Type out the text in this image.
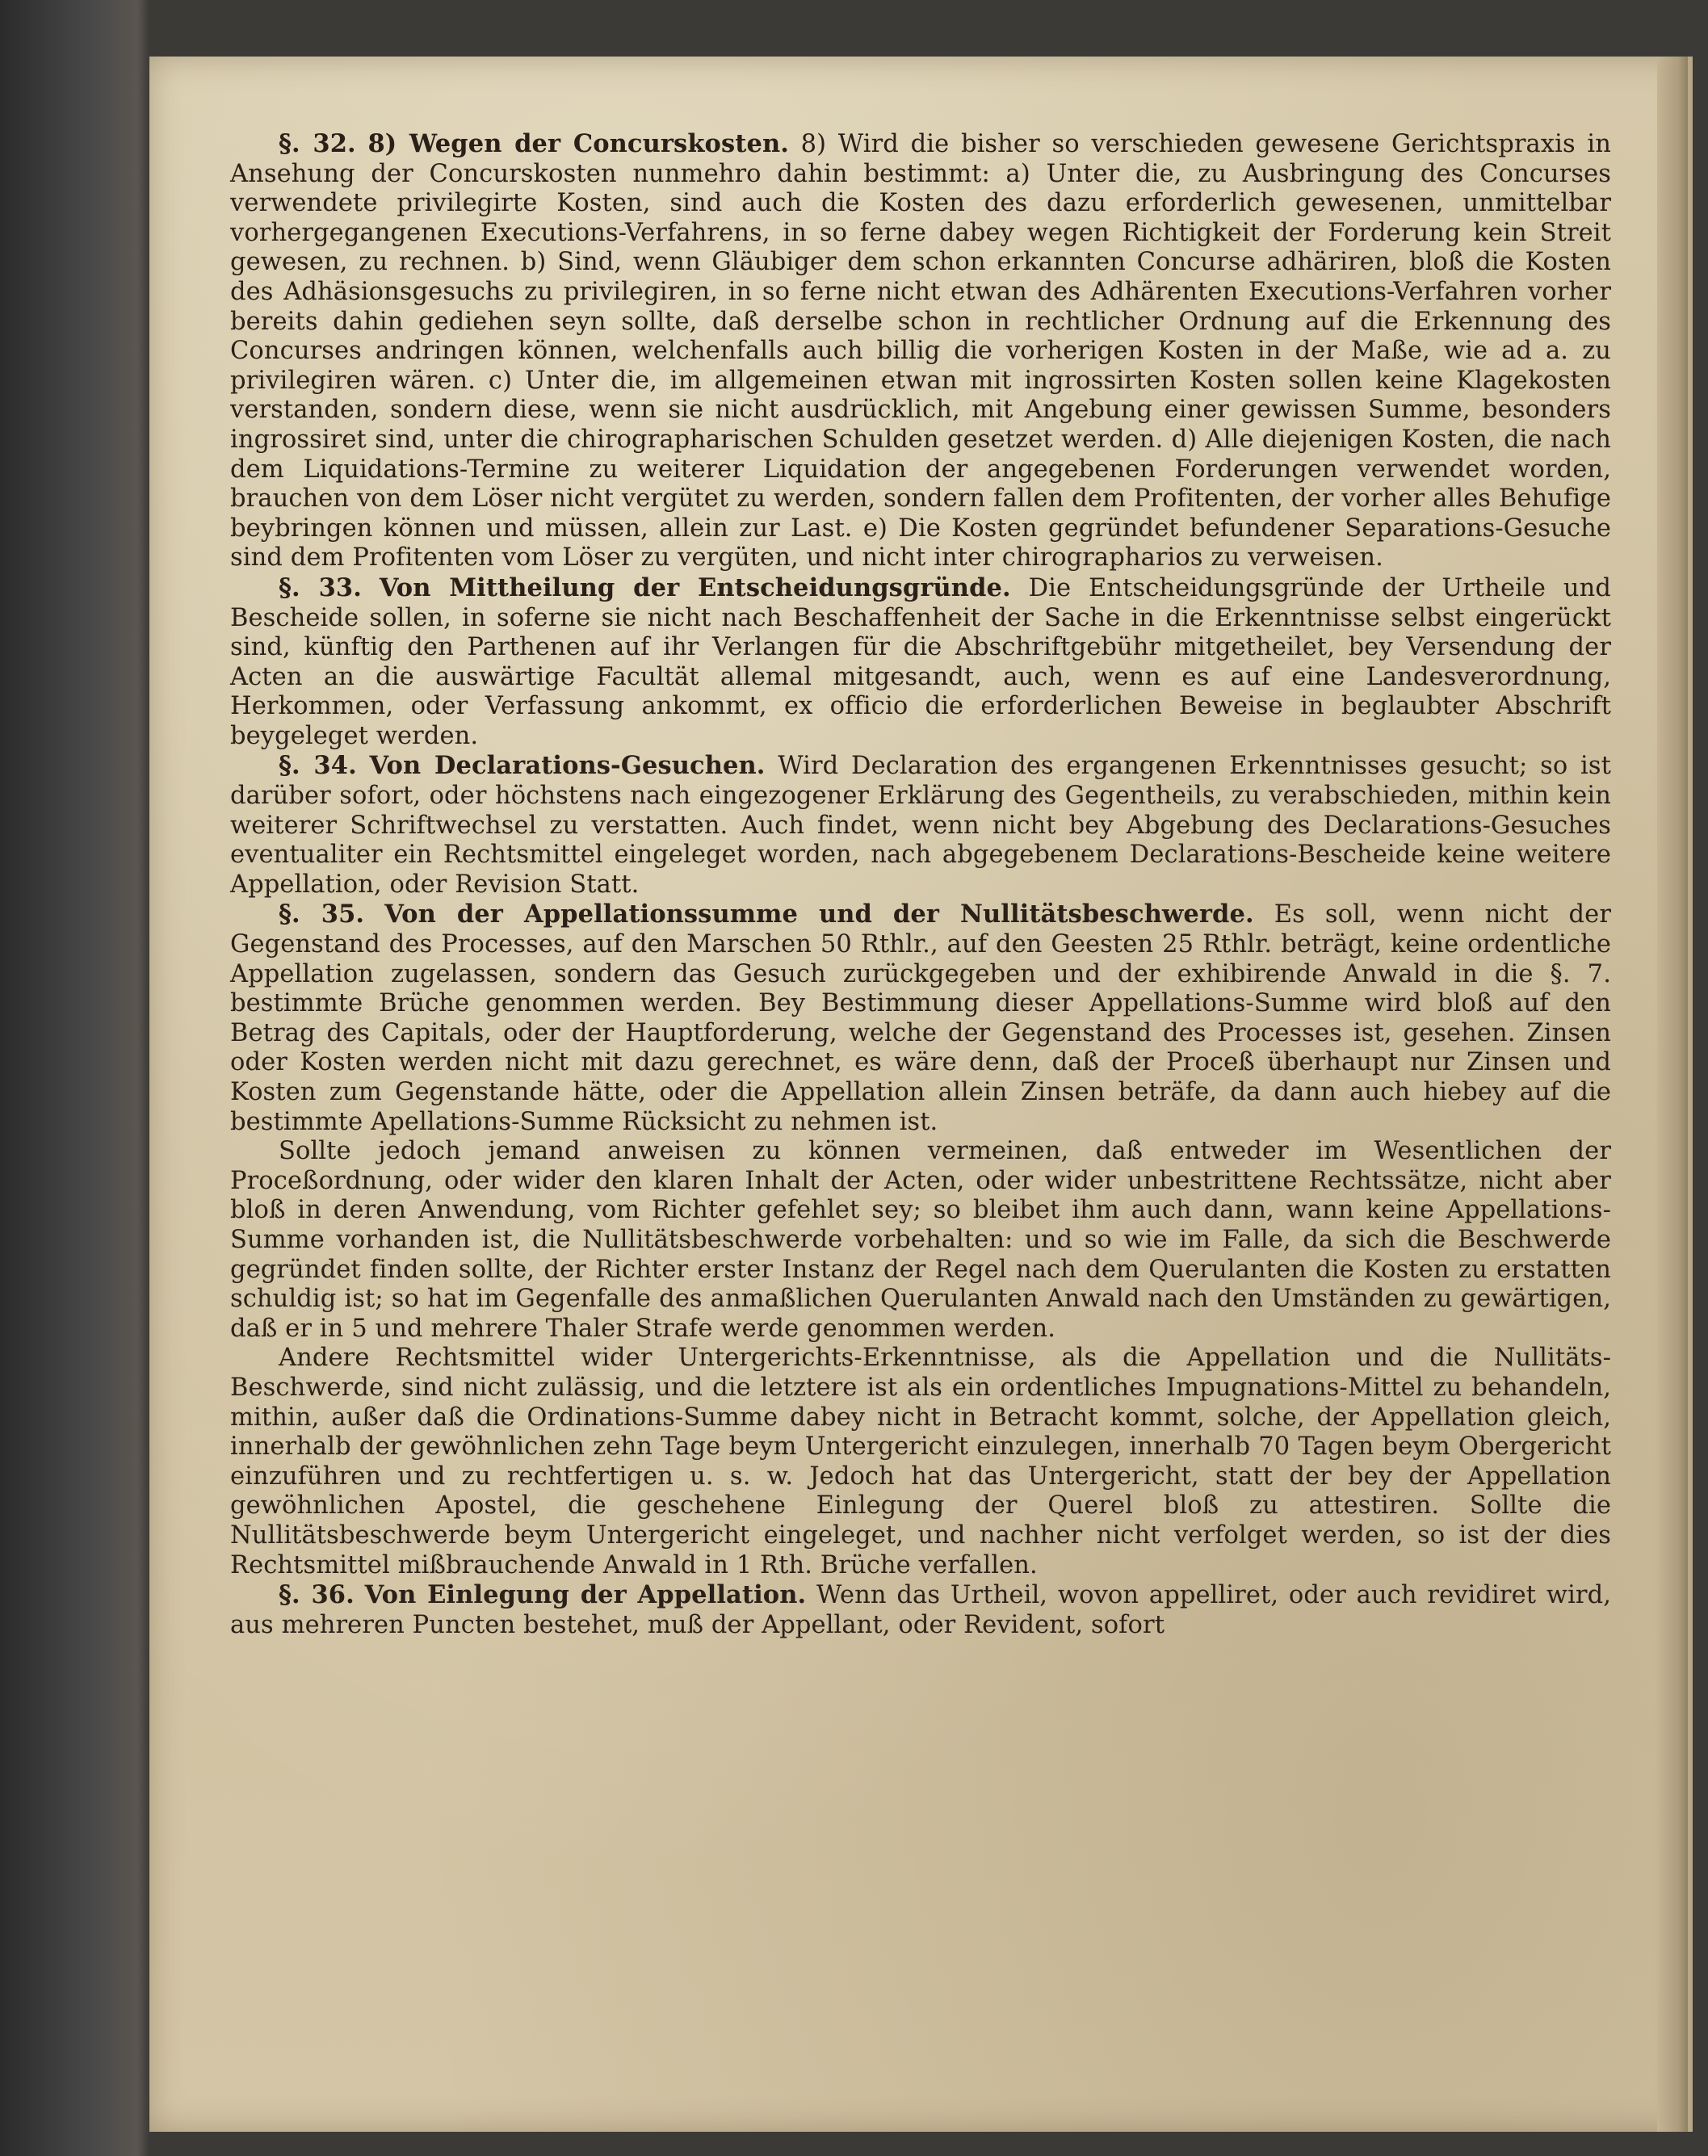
§. 32. 8) Wegen der Concurskosten. 8) Wird die bisher so verschieden gewesene Gerichtspraxis in Ansehung der Concurskosten nunmehro dahin bestimmt: a) Unter die, zu Ausbringung des Concurses verwendete privilegirte Kosten, sind auch die Kosten des dazu erforderlich gewesenen, unmittelbar vorhergegangenen Executions-Verfahrens, in so ferne dabey wegen Richtigkeit der Forderung kein Streit gewesen, zu rechnen. b) Sind, wenn Gläubiger dem schon erkannten Concurse adhäriren, bloß die Kosten des Adhäsionsgesuchs zu privilegiren, in so ferne nicht etwan des Adhärenten Executions-Verfahren vorher bereits dahin gediehen seyn sollte, daß derselbe schon in rechtlicher Ordnung auf die Erkennung des Concurses andringen können, welchenfalls auch billig die vorherigen Kosten in der Maße, wie ad a. zu privilegiren wären. c) Unter die, im allgemeinen etwan mit ingrossirten Kosten sollen keine Klagekosten verstanden, sondern diese, wenn sie nicht ausdrücklich, mit Angebung einer gewissen Summe, besonders ingrossiret sind, unter die chirographarischen Schulden gesetzet werden. d) Alle diejenigen Kosten, die nach dem Liquidations-Termine zu weiterer Liquidation der angegebenen Forderungen verwendet worden, brauchen von dem Löser nicht vergütet zu werden, sondern fallen dem Profitenten, der vorher alles Behufige beybringen können und müssen, allein zur Last. e) Die Kosten gegründet befundener Separations-Gesuche sind dem Profitenten vom Löser zu vergüten, und nicht inter chirographarios zu verweisen.

§. 33. Von Mittheilung der Entscheidungsgründe. Die Entscheidungsgründe der Urtheile und Bescheide sollen, in soferne sie nicht nach Beschaffenheit der Sache in die Erkenntnisse selbst eingerückt sind, künftig den Parthenen auf ihr Verlangen für die Abschriftgebühr mitgetheilet, bey Versendung der Acten an die auswärtige Facultät allemal mitgesandt, auch, wenn es auf eine Landesverordnung, Herkommen, oder Verfassung ankommt, ex officio die erforderlichen Beweise in beglaubter Abschrift beygeleget werden.

§. 34. Von Declarations-Gesuchen. Wird Declaration des ergangenen Erkenntnisses gesucht; so ist darüber sofort, oder höchstens nach eingezogener Erklärung des Gegentheils, zu verabschieden, mithin kein weiterer Schriftwechsel zu verstatten. Auch findet, wenn nicht bey Abgebung des Declarations-Gesuches eventualiter ein Rechtsmittel eingeleget worden, nach abgegebenem Declarations-Bescheide keine weitere Appellation, oder Revision Statt.

§. 35. Von der Appellationssumme und der Nullitätsbeschwerde. Es soll, wenn nicht der Gegenstand des Processes, auf den Marschen 50 Rthlr., auf den Geesten 25 Rthlr. beträgt, keine ordentliche Appellation zugelassen, sondern das Gesuch zurückgegeben und der exhibirende Anwald in die §. 7. bestimmte Brüche genommen werden. Bey Bestimmung dieser Appellations-Summe wird bloß auf den Betrag des Capitals, oder der Hauptforderung, welche der Gegenstand des Processes ist, gesehen. Zinsen oder Kosten werden nicht mit dazu gerechnet, es wäre denn, daß der Proceß überhaupt nur Zinsen und Kosten zum Gegenstande hätte, oder die Appellation allein Zinsen beträfe, da dann auch hiebey auf die bestimmte Apellations-Summe Rücksicht zu nehmen ist.

Sollte jedoch jemand anweisen zu können vermeinen, daß entweder im Wesentlichen der Proceßordnung, oder wider den klaren Inhalt der Acten, oder wider unbestrittene Rechtssätze, nicht aber bloß in deren Anwendung, vom Richter gefehlet sey; so bleibet ihm auch dann, wann keine Appellations-Summe vorhanden ist, die Nullitätsbeschwerde vorbehalten: und so wie im Falle, da sich die Beschwerde gegründet finden sollte, der Richter erster Instanz der Regel nach dem Querulanten die Kosten zu erstatten schuldig ist; so hat im Gegenfalle des anmaßlichen Querulanten Anwald nach den Umständen zu gewärtigen, daß er in 5 und mehrere Thaler Strafe werde genommen werden.

Andere Rechtsmittel wider Untergerichts-Erkenntnisse, als die Appellation und die Nullitäts-Beschwerde, sind nicht zulässig, und die letztere ist als ein ordentliches Impugnations-Mittel zu behandeln, mithin, außer daß die Ordinations-Summe dabey nicht in Betracht kommt, solche, der Appellation gleich, innerhalb der gewöhnlichen zehn Tage beym Untergericht einzulegen, innerhalb 70 Tagen beym Obergericht einzuführen und zu rechtfertigen u. s. w. Jedoch hat das Untergericht, statt der bey der Appellation gewöhnlichen Apostel, die geschehene Einlegung der Querel bloß zu attestiren. Sollte die Nullitätsbeschwerde beym Untergericht eingeleget, und nachher nicht verfolget werden, so ist der dies Rechtsmittel mißbrauchende Anwald in 1 Rth. Brüche verfallen.

§. 36. Von Einlegung der Appellation. Wenn das Urtheil, wovon appelliret, oder auch revidiret wird, aus mehreren Puncten bestehet, muß der Appellant, oder Revident, sofort
